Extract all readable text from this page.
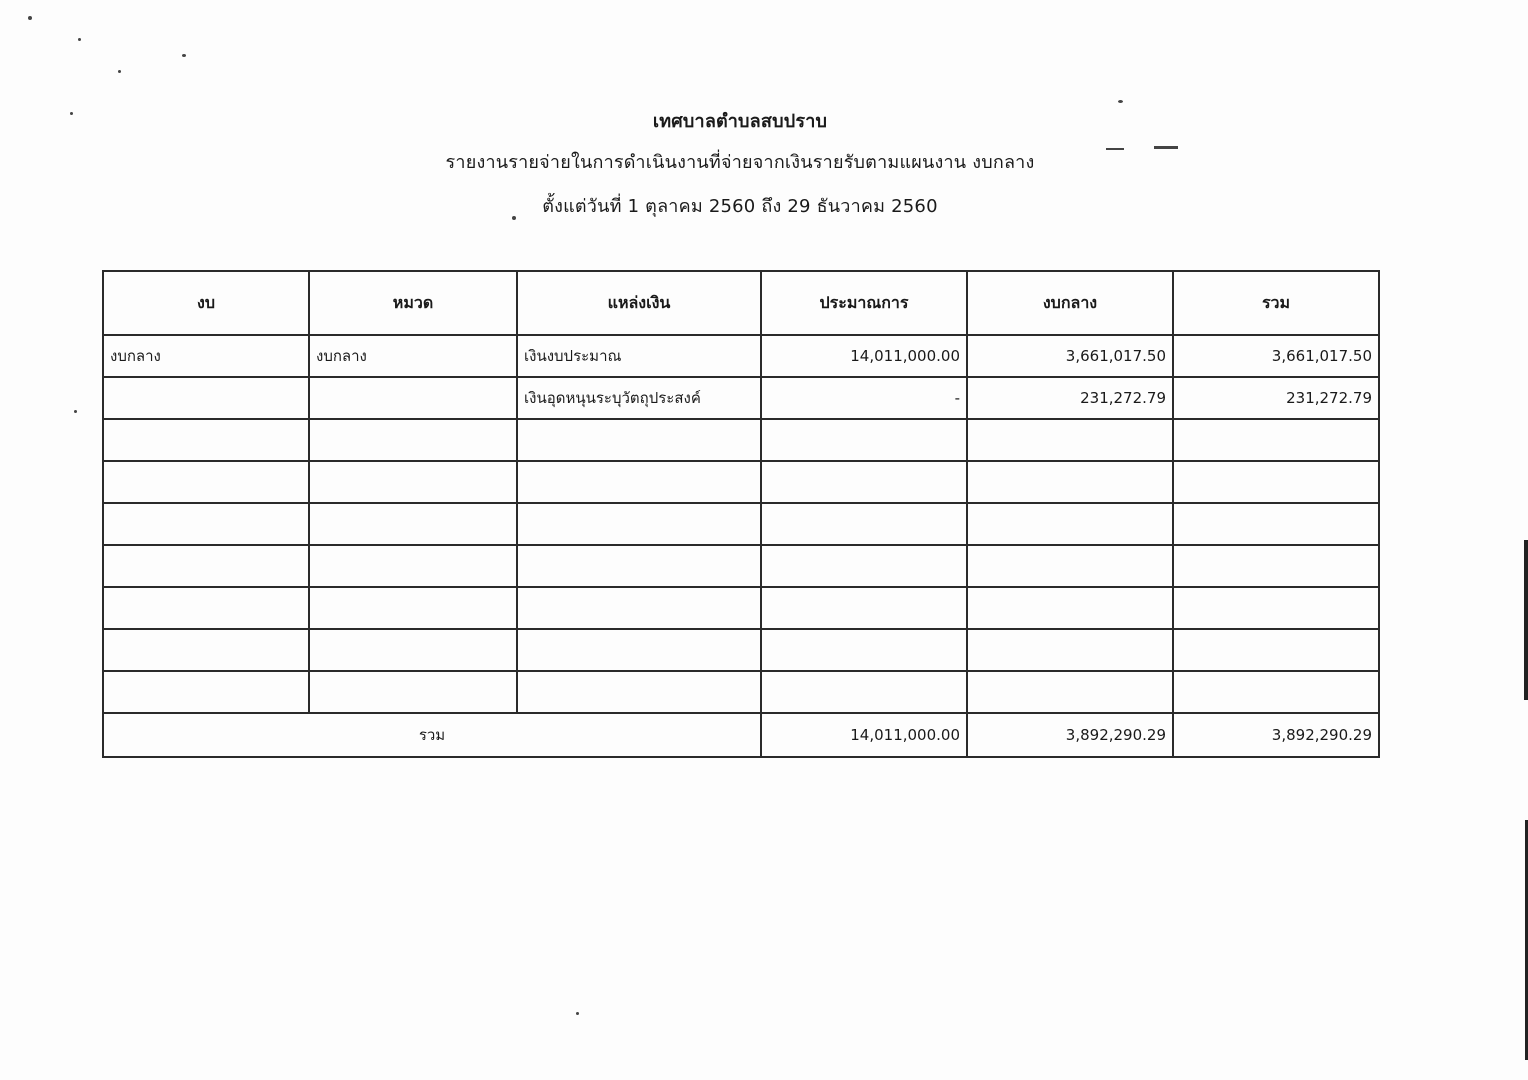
เทศบาลตำบลสบปราบ
รายงานรายจ่ายในการดำเนินงานที่จ่ายจากเงินรายรับตามแผนงาน งบกลาง
ตั้งแต่วันที่ 1 ตุลาคม 2560 ถึง 29 ธันวาคม 2560
งบ	หมวด	แหล่งเงิน	ประมาณการ	งบกลาง	รวม
งบกลาง	งบกลาง	เงินงบประมาณ	14,011,000.00	3,661,017.50	3,661,017.50
		เงินอุดหนุนระบุวัตถุประสงค์	-	231,272.79	231,272.79

รวม			14,011,000.00	3,892,290.29	3,892,290.29
